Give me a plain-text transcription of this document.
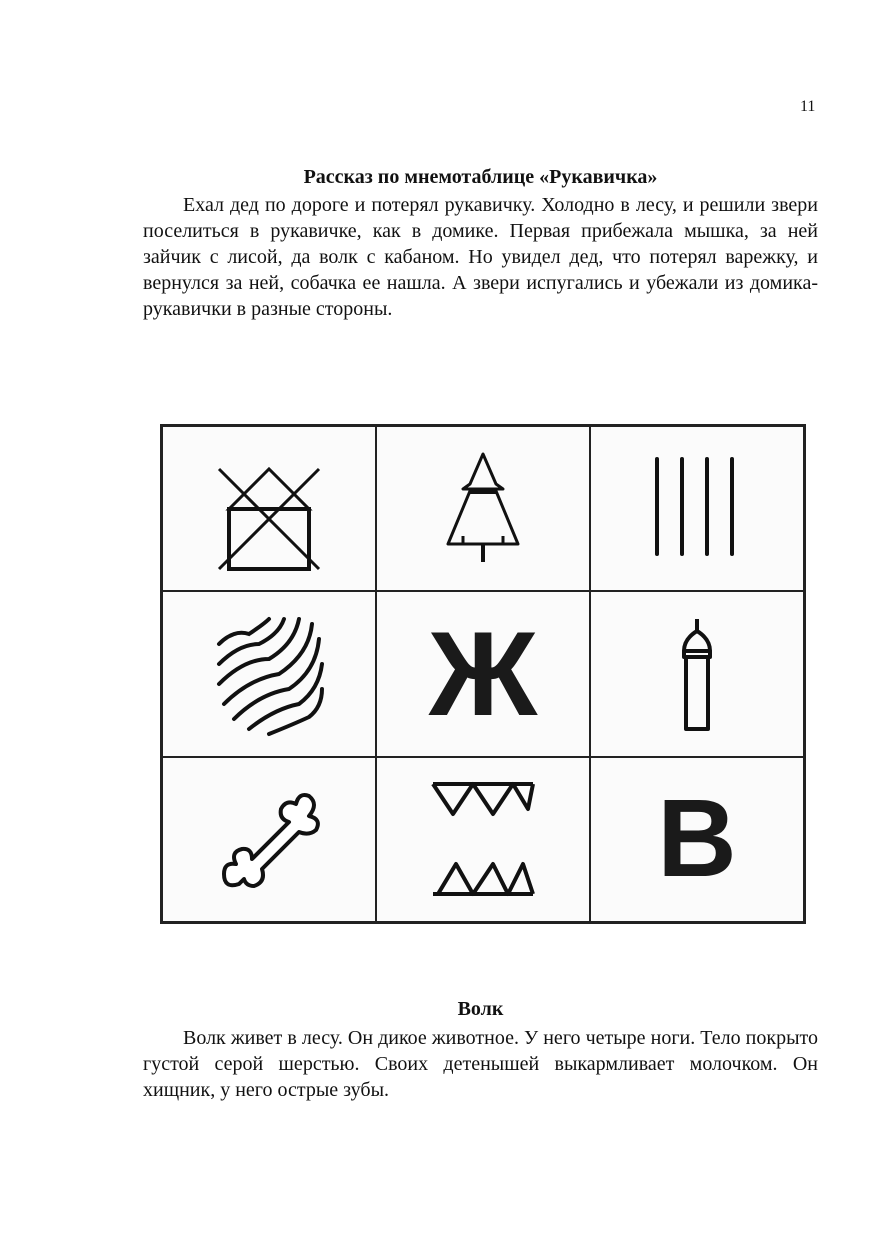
11
Рассказ по мнемотаблице «Рукавичка»
Ехал дед по дороге и потерял рукавичку. Холодно в лесу, и решили звери поселиться в рукавичке, как в домике. Первая прибежала мышка, за ней зайчик с лисой, да волк с кабаном. Но увидел дед, что потерял варежку, и вернулся за ней, собачка ее нашла. А звери испугались и убежали из домика-рукавички в разные стороны.
Ж
В
Волк
Волк живет в лесу. Он дикое животное. У него четыре ноги. Тело покрыто густой серой шерстью. Своих детенышей выкармливает молочком. Он хищник, у него острые зубы.
